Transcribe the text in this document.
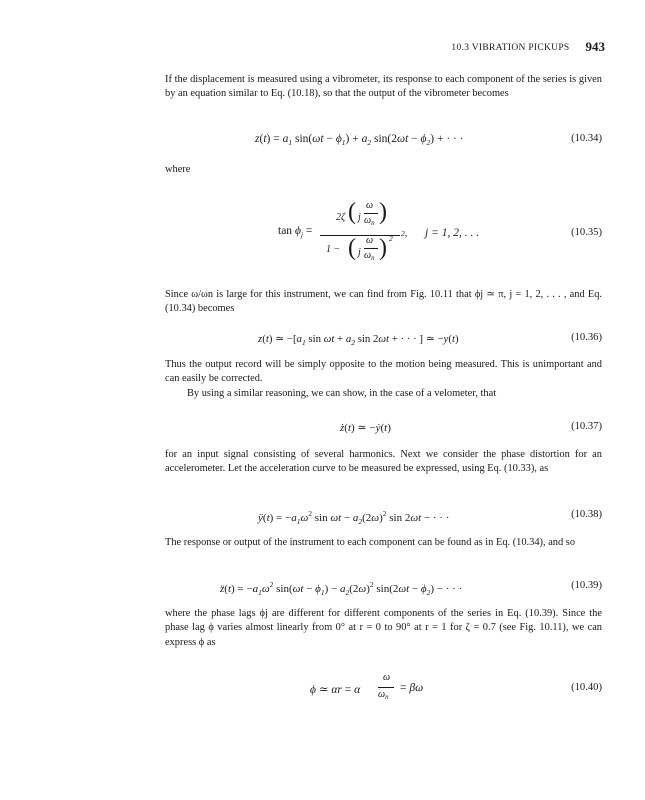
10.3 VIBRATION PICKUPS 943

If the displacement is measured using a vibrometer, its response to each component of the series is given by an equation similar to Eq. (10.18), so that the output of the vibrometer becomes

$z(t) = a_1$ $\sin(\omega t - \phi_1) + a_2$ $\sin(2\omega t - \phi_2)$ + · · ·	(10.34)

where

$\tan \phi_j$ =
2ζ ( j
ω
$\omega_n$ )
2,
1 − ( j
ω
$\omega_n$ ) 2	j = 1, 2, . . .	(10.35)

Since ω/ωn is large for this instrument, we can find from Fig. 10.11 that ϕj ≃ π, j = 1, 2, . . . , and Eq. (10.34) becomes

z(t) ≃ $-[a_1$ $\sin \omega t + a_2$ sin 2ωt + · · · ] ≃ −y(t)	(10.36)

Thus the output record will be simply opposite to the motion being measured. This is unimportant and can easily be corrected.

By using a similar reasoning, we can show, in the case of a velometer, that

ż(t) ≃ −ẏ(t)	(10.37)

for an input signal consisting of several harmonics. Next we consider the phase distortion for an accelerometer. Let the acceleration curve to be measured be expressed, using Eq. (10.33), as

ÿ(t) = $-a_1\omega^2$ $\sin \omega t - a_2(2\omega)^2$ sin 2ωt − · · ·	(10.38)

The response or output of the instrument to each component can be found as in Eq. (10.34), and so

z̈(t) = $-a_1\omega^2$ $\sin(\omega t - \phi_1) - a_2(2\omega)^2$ $\sin(2\omega t - \phi_2)$ − · · ·	(10.39)

where the phase lags ϕj are different for different components of the series in Eq. (10.39). Since the phase lag ϕ varies almost linearly from 0° at r = 0 to 90° at r = 1 for ζ = 0.7 (see Fig. 10.11), we can express ϕ as

ϕ ≃ αr = α
ω
$\omega_n$
= βω	(10.40)
